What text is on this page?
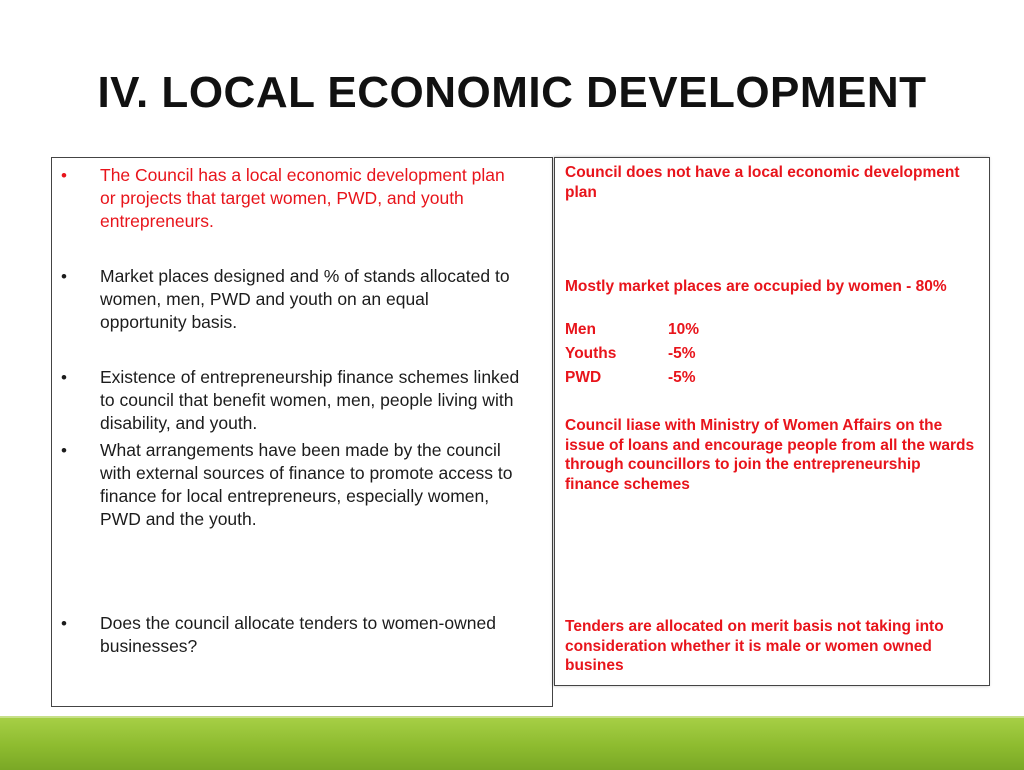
IV. LOCAL ECONOMIC DEVELOPMENT
• The Council has a local economic development plan or projects that target women, PWD, and youth entrepreneurs.
• Market places designed and % of stands allocated to women, men, PWD and youth on an equal opportunity basis.
• Existence of entrepreneurship finance schemes linked to council that benefit women, men, people living with disability, and youth.
• What arrangements have been made by the council with external sources of finance to promote access to finance for local entrepreneurs, especially women, PWD and the youth.
• Does the council allocate tenders to women-owned businesses?
Council does not have a local economic development plan
Mostly market places are occupied by women - 80%
Men	10%
Youths	-5%
PWD	-5%
Council liase with Ministry of Women Affairs on the issue of loans and encourage people from all the wards through councillors to join the entrepreneurship finance schemes
Tenders are allocated on merit basis not taking into consideration whether it is male or women owned busines
